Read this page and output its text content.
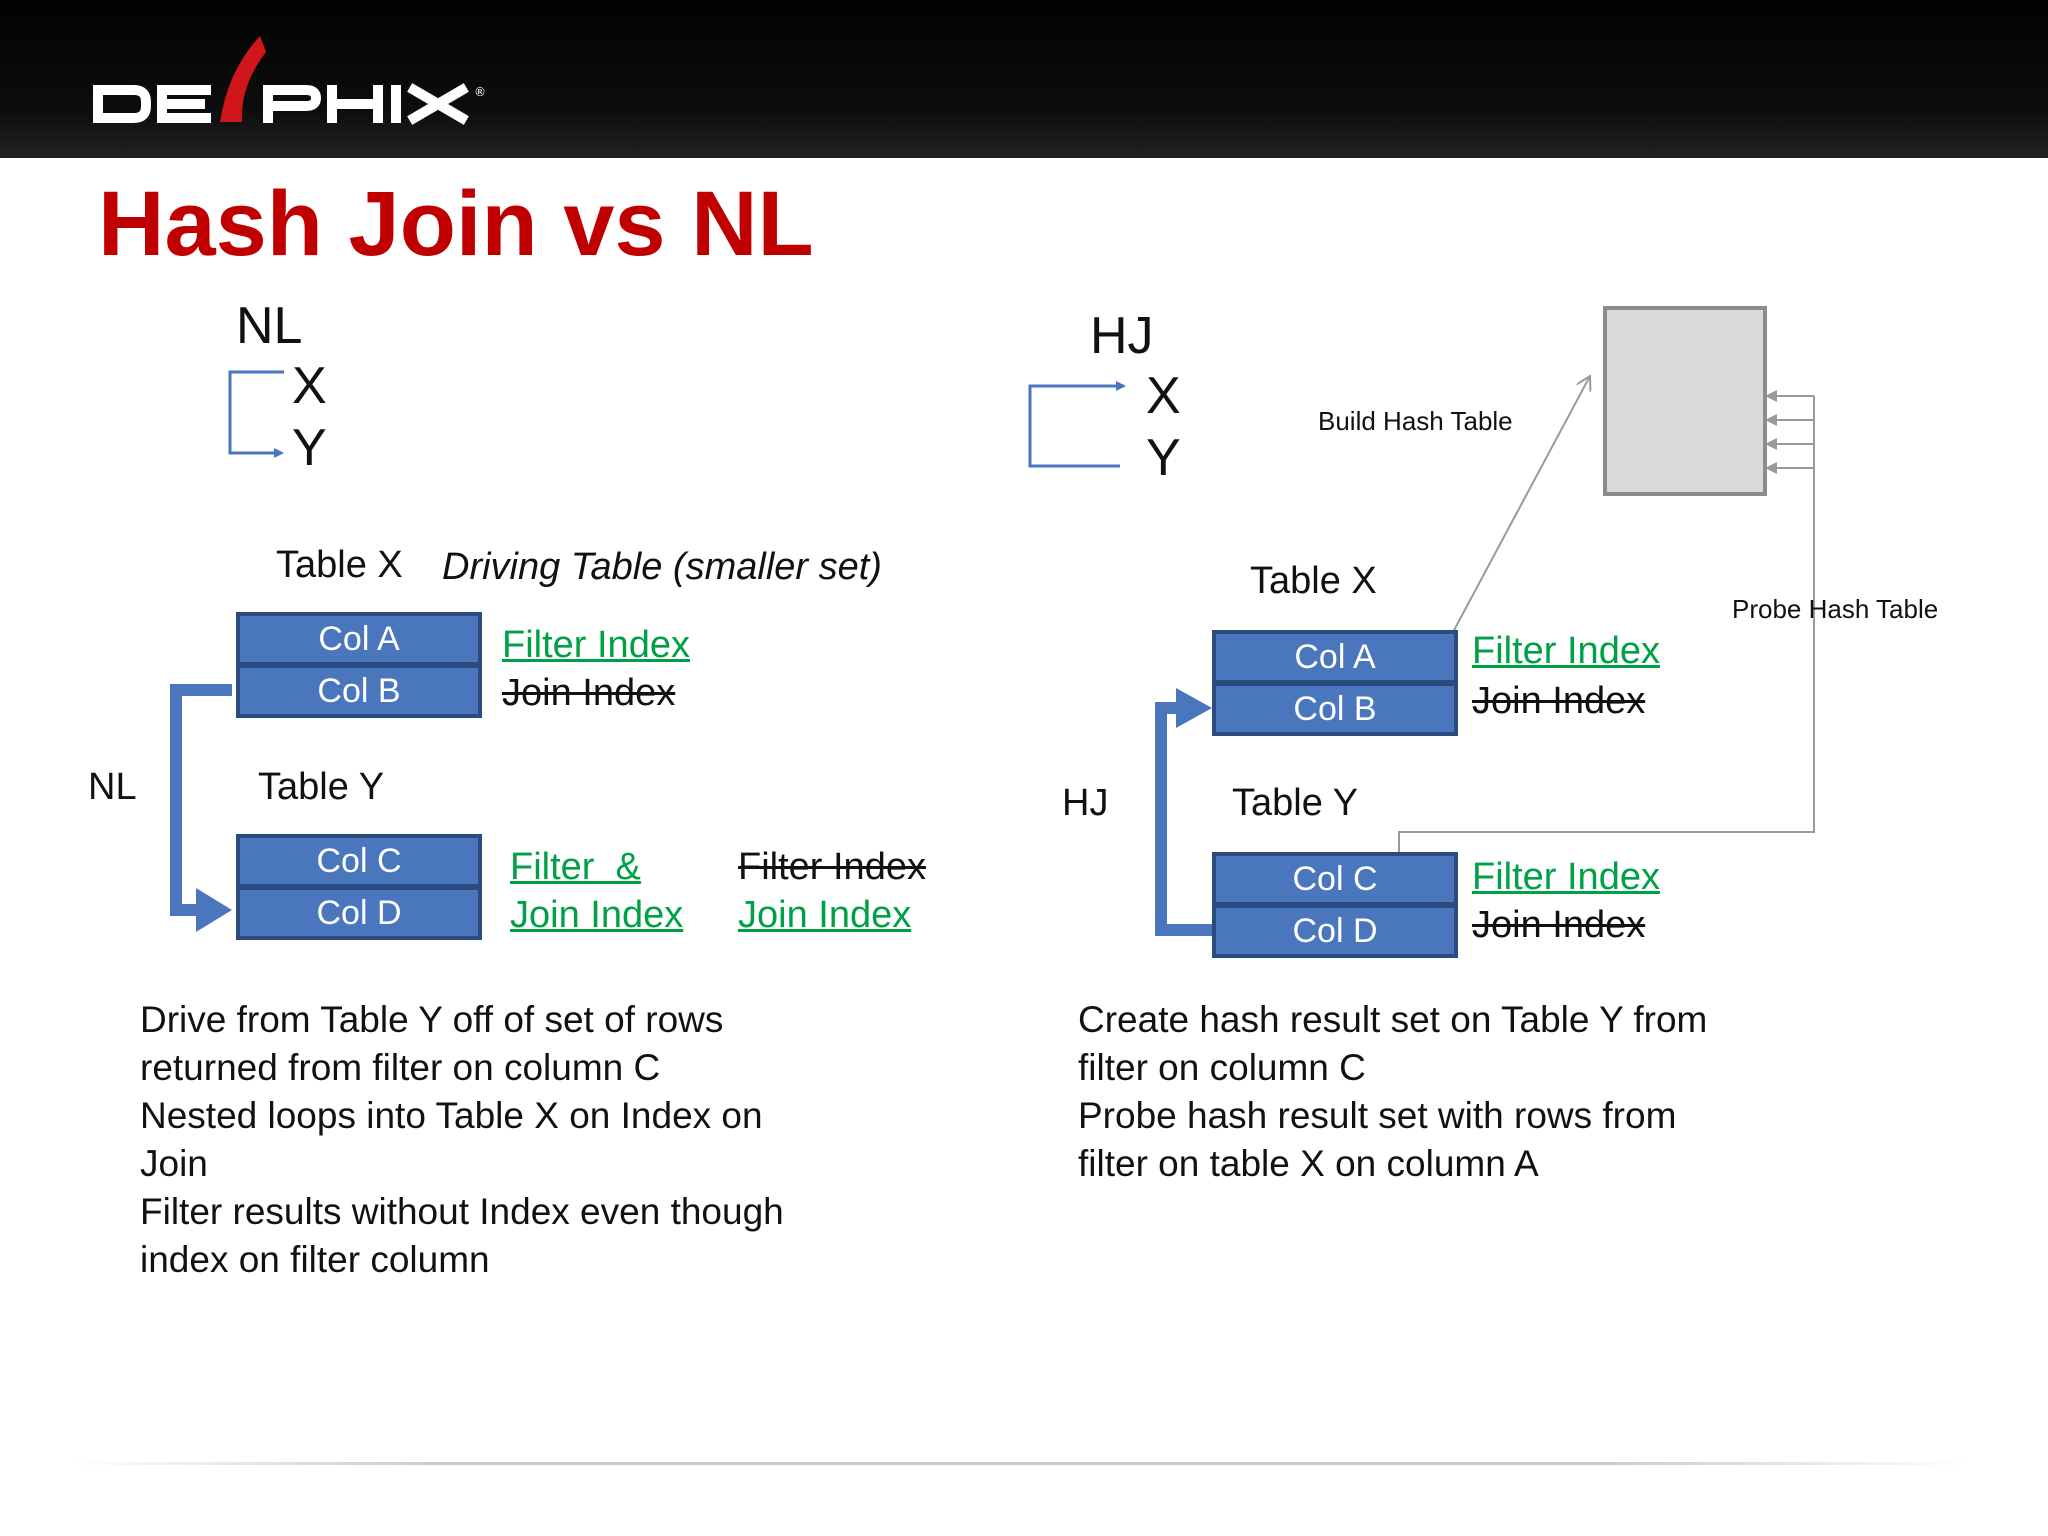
®
Hash Join vs NL
NL
X
Y
Table X Driving Table (smaller set)
Col A
Col B
Filter Index
Join Index
NL	Table Y
Col C
Col D
Filter  &
Join Index
Filter Index
Join Index
Drive from Table Y off of set of rows
returned from filter on column C
Nested loops into Table X on Index on
Join
Filter results without Index even though
index on filter column
HJ
X
Y
Build Hash Table
Probe Hash Table
Table X
Col A
Col B
Filter Index
Join Index
HJ	Table Y
Col C
Col D
Filter Index
Join Index
Create hash result set on Table Y from
filter on column C
Probe hash result set with rows from
filter on table X on column A
